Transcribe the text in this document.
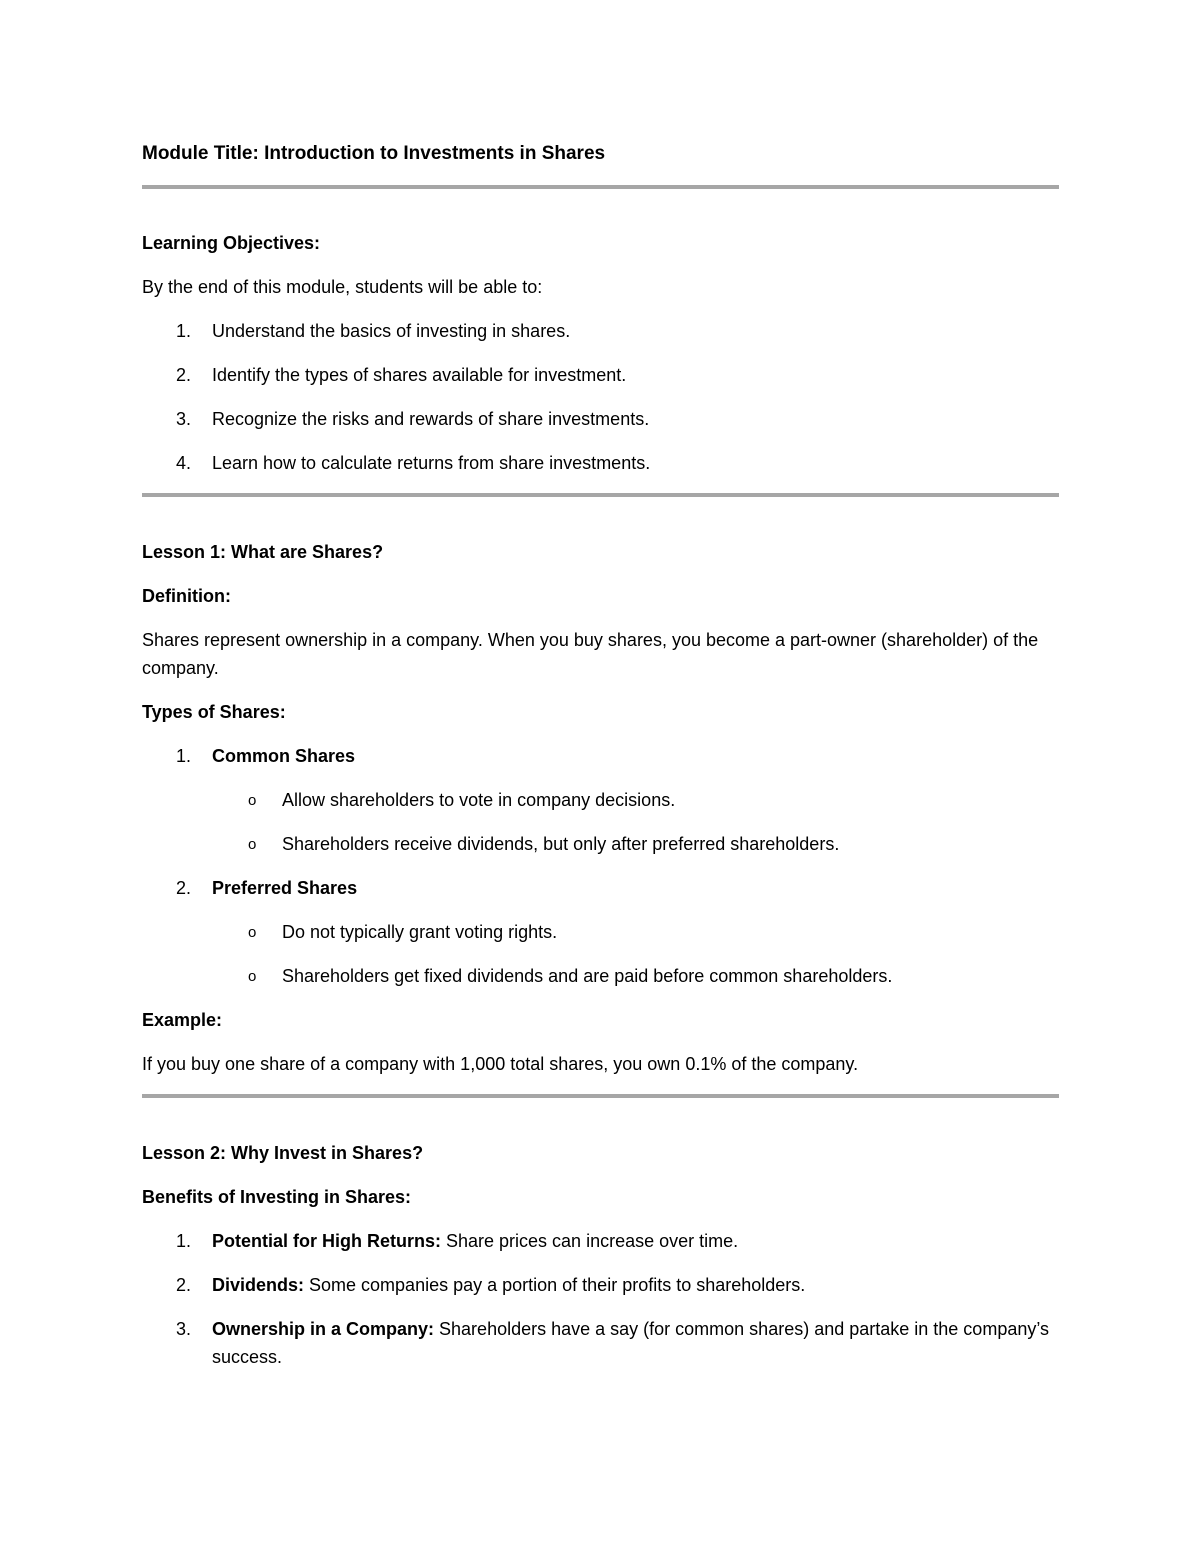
Module Title: Introduction to Investments in Shares

Learning Objectives:

By the end of this module, students will be able to:

1. Understand the basics of investing in shares.
2. Identify the types of shares available for investment.
3. Recognize the risks and rewards of share investments.
4. Learn how to calculate returns from share investments.

Lesson 1: What are Shares?

Definition:

Shares represent ownership in a company. When you buy shares, you become a part-owner (shareholder) of the company.

Types of Shares:

1. Common Shares
o Allow shareholders to vote in company decisions.
o Shareholders receive dividends, but only after preferred shareholders.
2. Preferred Shares
o Do not typically grant voting rights.
o Shareholders get fixed dividends and are paid before common shareholders.

Example:

If you buy one share of a company with 1,000 total shares, you own 0.1% of the company.

Lesson 2: Why Invest in Shares?

Benefits of Investing in Shares:

1. Potential for High Returns: Share prices can increase over time.
2. Dividends: Some companies pay a portion of their profits to shareholders.
3. Ownership in a Company: Shareholders have a say (for common shares) and partake in the company’s success.
